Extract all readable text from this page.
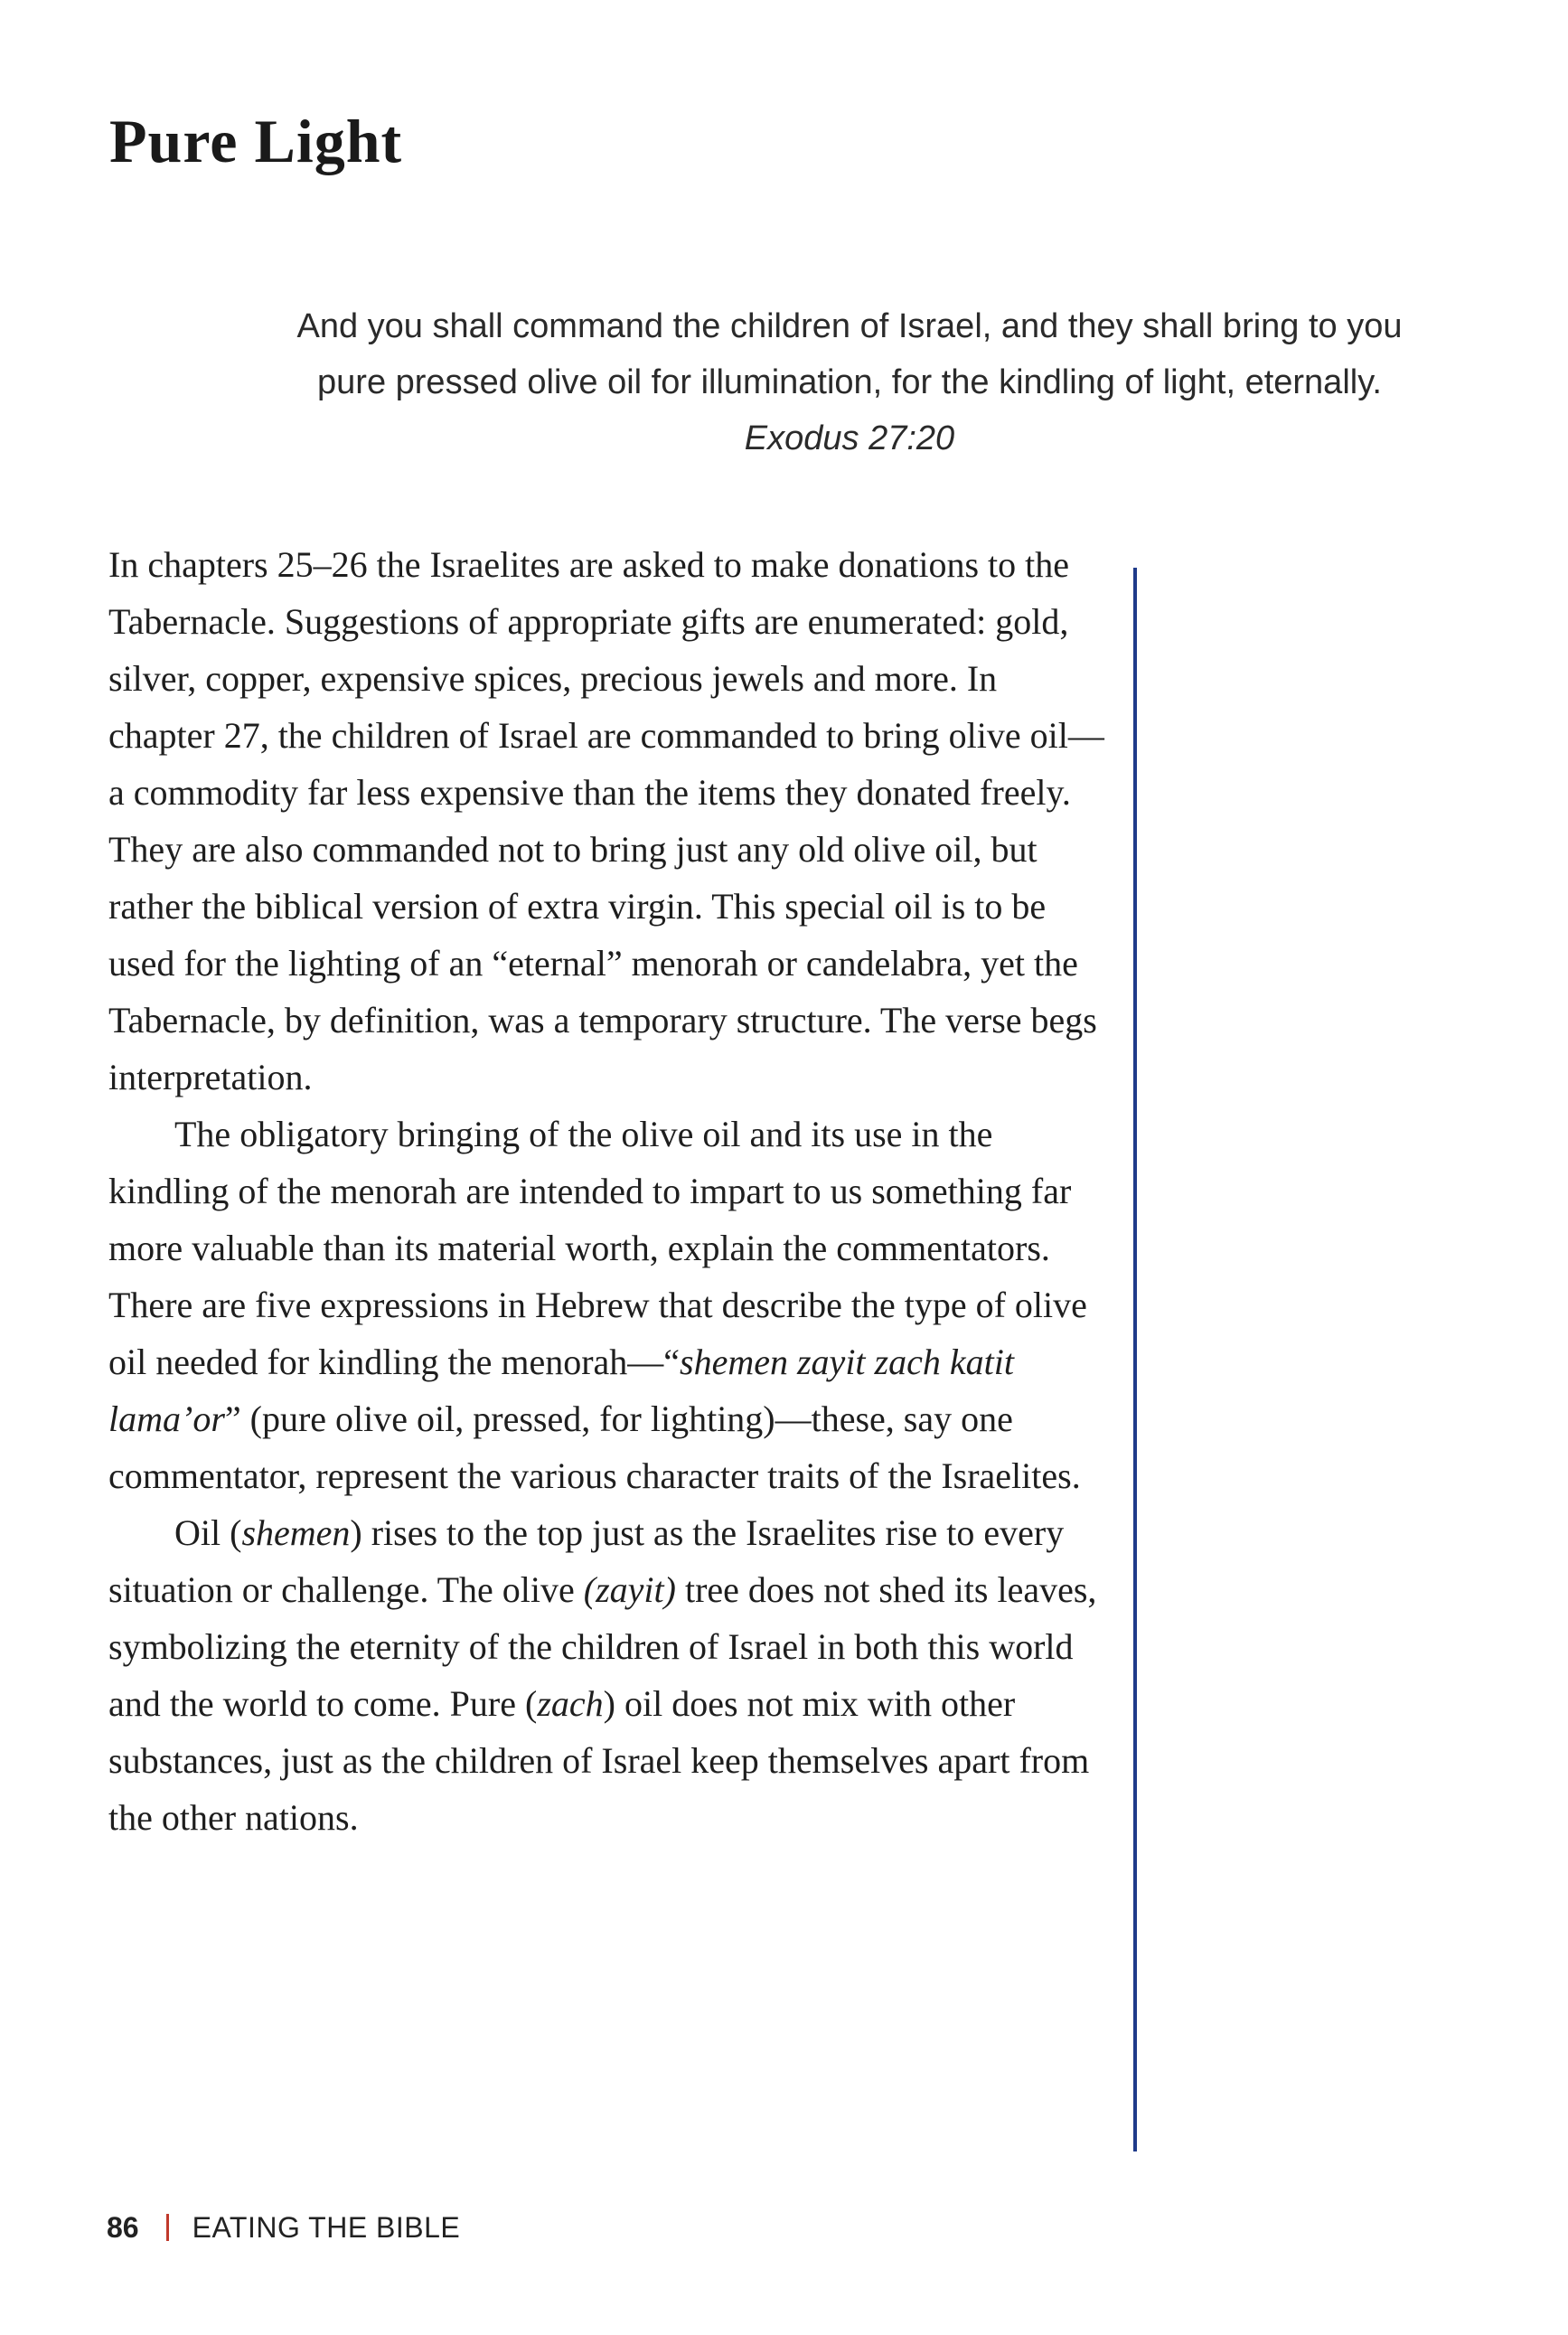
Pure Light
And you shall command the children of Israel, and they shall bring to you
pure pressed olive oil for illumination, for the kindling of light, eternally.
Exodus 27:20

In chapters 25–26 the Israelites are asked to make donations to the Tabernacle. Suggestions of appropriate gifts are enumerated: gold, silver, copper, expensive spices, precious jewels and more. In chapter 27, the children of Israel are commanded to bring olive oil—a commodity far less expensive than the items they donated freely. They are also commanded not to bring just any old olive oil, but rather the biblical version of extra virgin. This special oil is to be used for the lighting of an “eternal” menorah or candelabra, yet the Tabernacle, by definition, was a temporary structure. The verse begs interpretation.

The obligatory bringing of the olive oil and its use in the kindling of the menorah are intended to impart to us something far more valuable than its material worth, explain the commentators. There are five expressions in Hebrew that describe the type of olive oil needed for kindling the menorah—“shemen zayit zach katit lama’or” (pure olive oil, pressed, for lighting)—these, say one commentator, represent the various character traits of the Israelites.

Oil (shemen) rises to the top just as the Israelites rise to every situation or challenge. The olive (zayit) tree does not shed its leaves, symbolizing the eternity of the children of Israel in both this world and the world to come. Pure (zach) oil does not mix with other substances, just as the children of Israel keep themselves apart from the other nations.

86 EATING THE BIBLE
